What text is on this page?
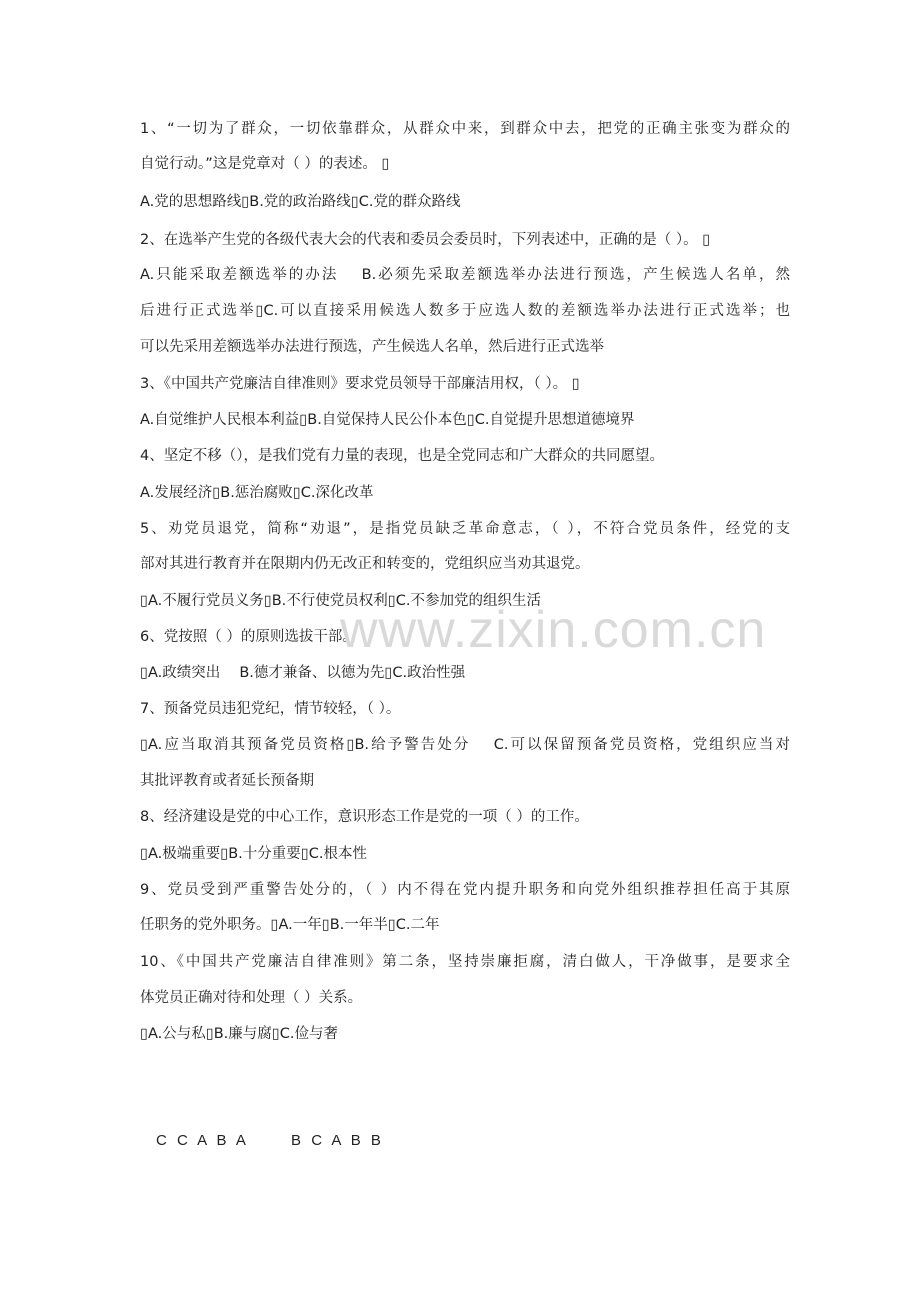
1、“一切为了群众，一切依靠群众，从群众中来，到群众中去，把党的正确主张变为群众的
自觉行动。”这是党章对（ ）的表述。 ▯
A.党的思想路线▯B.党的政治路线▯C.党的群众路线
2、在选举产生党的各级代表大会的代表和委员会委员时，下列表述中，正确的是（ ）。 ▯
A.只能采取差额选举的办法　 B.必须先采取差额选举办法进行预选，产生候选人名单，然
后进行正式选举▯C.可以直接采用候选人数多于应选人数的差额选举办法进行正式选举；也
可以先采用差额选举办法进行预选，产生候选人名单，然后进行正式选举
3、《中国共产党廉洁自律准则》要求党员领导干部廉洁用权，（ ）。 ▯
A.自觉维护人民根本利益▯B.自觉保持人民公仆本色▯C.自觉提升思想道德境界
4、坚定不移（），是我们党有力量的表现，也是全党同志和广大群众的共同愿望。
A.发展经济▯B.惩治腐败▯C.深化改革
5、劝党员退党，简称“劝退”，是指党员缺乏革命意志，（ ），不符合党员条件，经党的支
部对其进行教育并在限期内仍无改正和转变的，党组织应当劝其退党。
▯A.不履行党员义务▯B.不行使党员权利▯C.不参加党的组织生活
6、党按照（ ）的原则选拔干部。
▯A.政绩突出　 B.德才兼备、以德为先▯C.政治性强
7、预备党员违犯党纪，情节较轻，（ ）。
▯A.应当取消其预备党员资格▯B.给予警告处分　 C.可以保留预备党员资格，党组织应当对
其批评教育或者延长预备期
8、经济建设是党的中心工作，意识形态工作是党的一项（ ）的工作。
▯A.极端重要▯B.十分重要▯C.根本性
9、党员受到严重警告处分的，（ ）内不得在党内提升职务和向党外组织推荐担任高于其原
任职务的党外职务。▯A.一年▯B.一年半▯C.二年
10、《中国共产党廉洁自律准则》第二条，坚持崇廉拒腐，清白做人，干净做事，是要求全
体党员正确对待和处理（ ）关系。
▯A.公与私▯B.廉与腐▯C.俭与奢
www.zixin.com.cn
C C A B A      B C A B B
